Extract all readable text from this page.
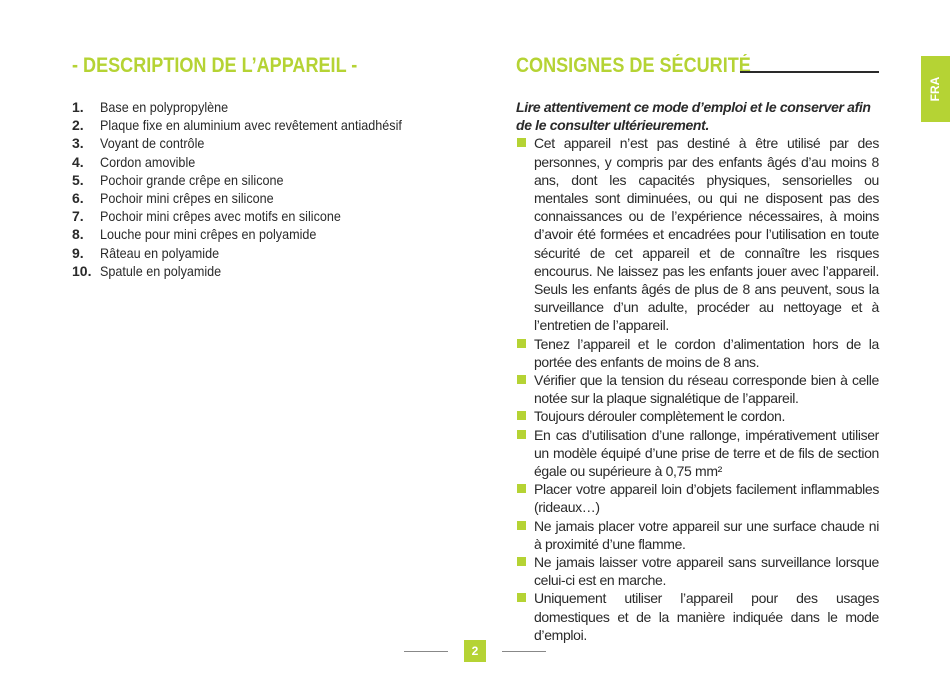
- DESCRIPTION DE L’APPAREIL -
1.	Base en polypropylène
2.	Plaque fixe en aluminium avec revêtement antiadhésif
3.	Voyant de contrôle
4.	Cordon amovible
5.	Pochoir grande crêpe en silicone
6.	Pochoir mini crêpes en silicone
7.	Pochoir mini crêpes avec motifs en silicone
8.	Louche pour mini crêpes en polyamide
9.	Râteau en polyamide
10. Spatule en polyamide
CONSIGNES DE SÉCURITÉ

Lire attentivement ce mode d’emploi et le conserver afin de le consulter ultérieurement.

Cet appareil n’est pas destiné à être utilisé par des personnes, y compris par des enfants âgés d’au moins 8 ans, dont les capacités physiques, sensorielles ou mentales sont diminuées, ou qui ne disposent pas des connaissances ou de l’expérience nécessaires, à moins d’avoir été formées et encadrées pour l’utilisation en toute sécurité de cet appareil et de connaître les risques encourus. Ne laissez pas les enfants jouer avec l’appareil. Seuls les enfants âgés de plus de 8 ans peuvent, sous la surveillance d’un adulte, procéder au nettoyage et à l’entretien de l’appareil.
Tenez l’appareil et le cordon d’alimentation hors de la portée des enfants de moins de 8 ans.
Vérifier que la tension du réseau corresponde bien à celle notée sur la plaque signalétique de l’appareil.
Toujours dérouler complètement le cordon.
En cas d’utilisation d’une rallonge, impérativement utiliser un modèle équipé d’une prise de terre et de fils de section égale ou supérieure à 0,75 mm²
Placer votre appareil loin d’objets facilement inflammables (rideaux…)
Ne jamais placer votre appareil sur une surface chaude ni à proximité d’une flamme.
Ne jamais laisser votre appareil sans surveillance lorsque celui-ci est en marche.
Uniquement utiliser l’appareil pour des usages domestiques et de la manière indiquée dans le mode d’emploi.
FRA
2
